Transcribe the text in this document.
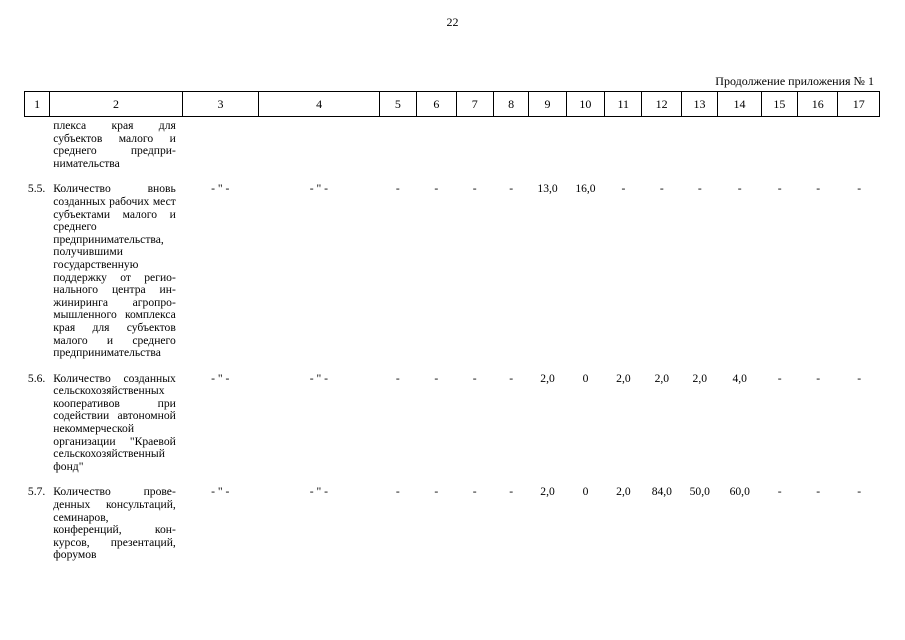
22
Продолжение приложения № 1
1	2	3	4	5	6	7	8	9	10	11	12	13	14	15	16	17
	плекса края для субъектов малого и среднего предпринимательства															

5.5.	Количество вновь созданных рабочих мест субъектами малого и среднего предпринимательства, получившими государственную поддержку от регионального центра инжиниринга агропромышленного комплекса края для субъектов малого и среднего предпринимательства	- " -	- " -	-	-	-	-	13,0	16,0	-	-	-	-	-	-	-

5.6.	Количество созданных сельскохозяйственных кооперативов при содействии автономной некоммерческой организации "Краевой сельскохозяйственный фонд"	- " -	- " -	-	-	-	-	2,0	0	2,0	2,0	2,0	4,0	-	-	-

5.7.	Количество проведенных консультаций, семинаров, конференций, конкурсов, презентаций, форумов	- " -	- " -	-	-	-	-	2,0	0	2,0	84,0	50,0	60,0	-	-	-
